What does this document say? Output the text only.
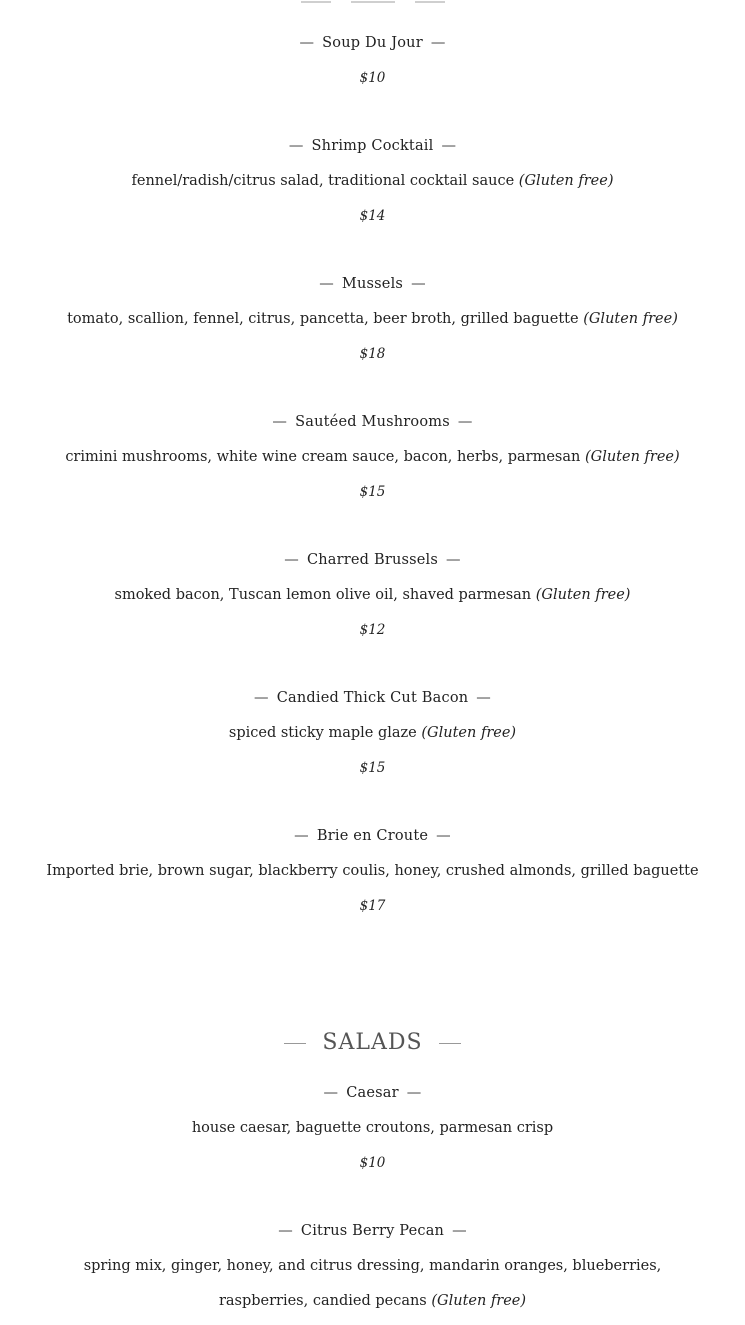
— Soup Du Jour —
$10
— Shrimp Cocktail —
fennel/radish/citrus salad, traditional cocktail sauce (Gluten free)
$14
— Mussels —
tomato, scallion, fennel, citrus, pancetta, beer broth, grilled baguette (Gluten free)
$18
— Sautéed Mushrooms —
crimini mushrooms, white wine cream sauce, bacon, herbs, parmesan (Gluten free)
$15
— Charred Brussels —
smoked bacon, Tuscan lemon olive oil, shaved parmesan (Gluten free)
$12
— Candied Thick Cut Bacon —
spiced sticky maple glaze (Gluten free)
$15
— Brie en Croute —
Imported brie, brown sugar, blackberry coulis, honey, crushed almonds, grilled baguette
$17
SALADS
— Caesar —
house caesar, baguette croutons, parmesan crisp
$10
— Citrus Berry Pecan —
spring mix, ginger, honey, and citrus dressing, mandarin oranges, blueberries, raspberries, candied pecans (Gluten free)
